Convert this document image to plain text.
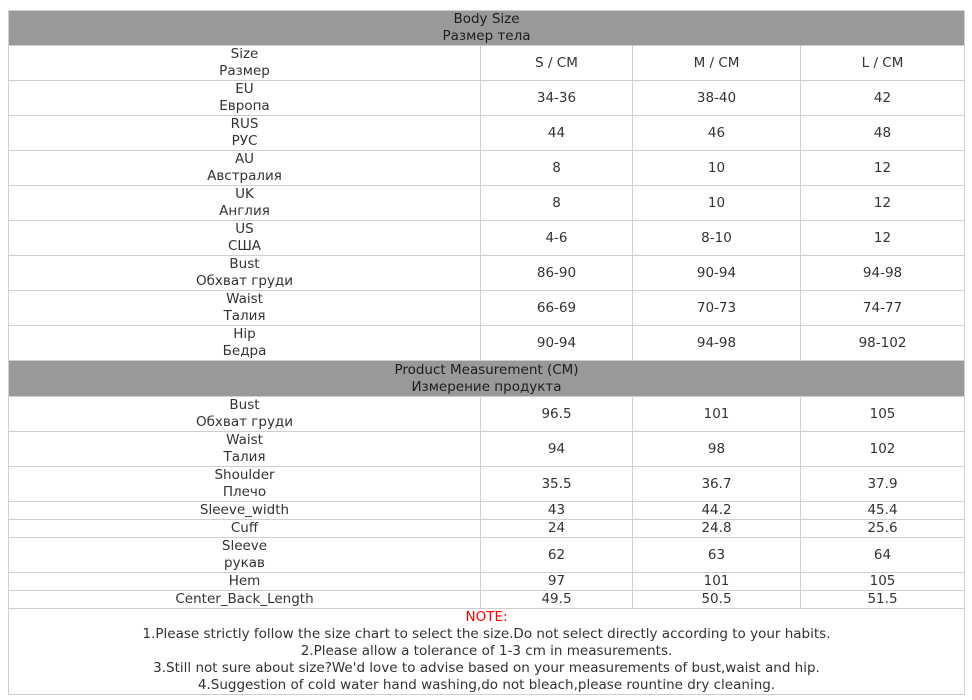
Body Size
Размер тела			

Size
Размер	S / CM	M / CM	L / CM

EU
Европа	34-36	38-40	42

RUS
РУС	44	46	48

AU
Австралия	8	10	12

UK
Англия	8	10	12

US
США	4-6	8-10	12

Bust
Обхват груди	86-90	90-94	94-98

Waist
Талия	66-69	70-73	74-77

Hip
Бедра	90-94	94-98	98-102

Product Measurement (CM)
Измерение продукта			

Bust
Обхват груди	96.5	101	105

Waist
Талия	94	98	102

Shoulder
Плечо	35.5	36.7	37.9

Sleeve_width	43	44.2	45.4

Cuff	24	24.8	25.6

Sleeve
рукав	62	63	64

Hem	97	101	105

Center_Back_Length	49.5	50.5	51.5

NOTE:
1.Please strictly follow the size chart to select the size.Do not select directly according to your habits.
2.Please allow a tolerance of 1-3 cm in measurements.
3.Still not sure about size?We'd love to advise based on your measurements of bust,waist and hip.
4.Suggestion of cold water hand washing,do not bleach,please rountine dry cleaning.			
